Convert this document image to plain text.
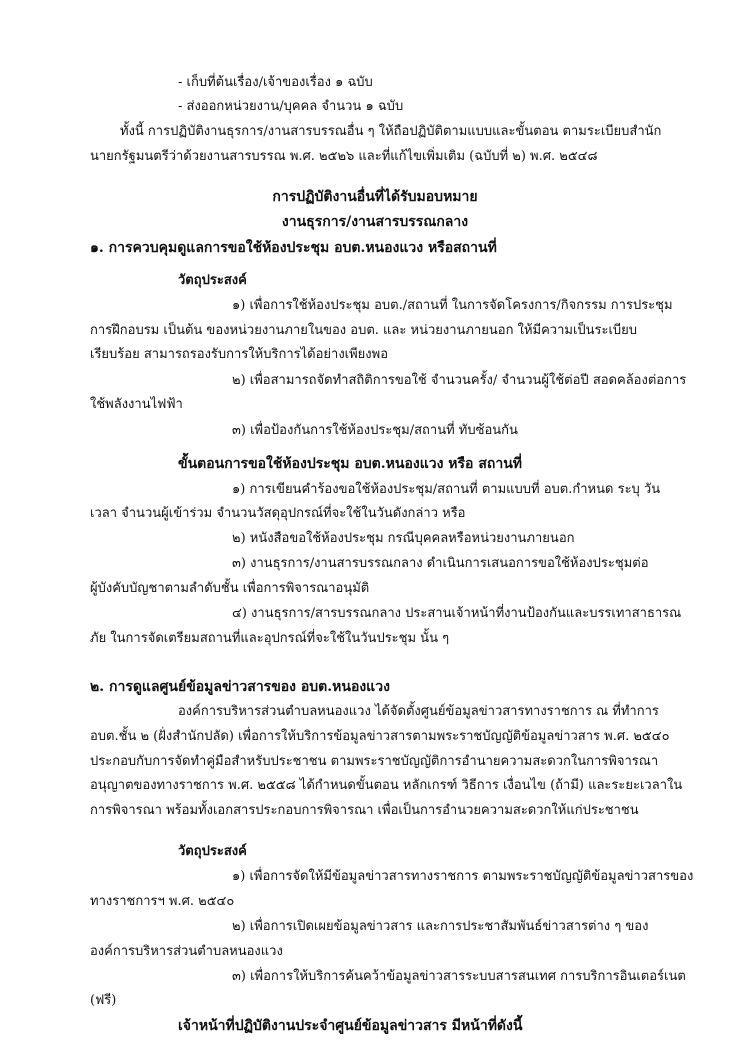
- เก็บที่ต้นเรื่อง/เจ้าของเรื่อง ๑ ฉบับ
- ส่งออกหน่วยงาน/บุคคล จำนวน ๑ ฉบับ
ทั้งนี้ การปฏิบัติงานธุรการ/งานสารบรรณอื่น ๆ ให้ถือปฏิบัติตามแบบและขั้นตอน ตามระเบียบสำนัก
นายกรัฐมนตรีว่าด้วยงานสารบรรณ พ.ศ. ๒๕๒๖ และที่แก้ไขเพิ่มเติม (ฉบับที่ ๒) พ.ศ. ๒๕๔๘
การปฏิบัติงานอื่นที่ได้รับมอบหมาย
งานธุรการ/งานสารบรรณกลาง
๑. การควบคุมดูแลการขอใช้ห้องประชุม อบต.หนองแวง หรือสถานที่
วัตถุประสงค์
๑) เพื่อการใช้ห้องประชุม อบต./สถานที่ ในการจัดโครงการ/กิจกรรม การประชุม
การฝึกอบรม เป็นต้น ของหน่วยงานภายในของ อบต. และ หน่วยงานภายนอก ให้มีความเป็นระเบียบ
เรียบร้อย สามารถรองรับการให้บริการได้อย่างเพียงพอ
๒) เพื่อสามารถจัดทำสถิติการขอใช้ จำนวนครั้ง/ จำนวนผู้ใช้ต่อปี สอดคล้องต่อการ
ใช้พลังงานไฟฟ้า
๓) เพื่อป้องกันการใช้ห้องประชุม/สถานที่ ทับซ้อนกัน
ขั้นตอนการขอใช้ห้องประชุม อบต.หนองแวง หรือ สถานที่
๑) การเขียนคำร้องขอใช้ห้องประชุม/สถานที่ ตามแบบที่ อบต.กำหนด ระบุ วัน
เวลา จำนวนผู้เข้าร่วม จำนวนวัสดุอุปกรณ์ที่จะใช้ในวันดังกล่าว หรือ
๒) หนังสือขอใช้ห้องประชุม กรณีบุคคลหรือหน่วยงานภายนอก
๓) งานธุรการ/งานสารบรรณกลาง ดำเนินการเสนอการขอใช้ห้องประชุมต่อ
ผู้บังคับบัญชาตามลำดับชั้น เพื่อการพิจารณาอนุมัติ
๔) งานธุรการ/สารบรรณกลาง ประสานเจ้าหน้าที่งานป้องกันและบรรเทาสาธารณ
ภัย ในการจัดเตรียมสถานที่และอุปกรณ์ที่จะใช้ในวันประชุม นั้น ๆ
๒. การดูแลศูนย์ข้อมูลข่าวสารของ อบต.หนองแวง
องค์การบริหารส่วนตำบลหนองแวง ได้จัดตั้งศูนย์ข้อมูลข่าวสารทางราชการ ณ ที่ทำการ
อบต.ชั้น ๒ (ฝั่งสำนักปลัด) เพื่อการให้บริการข้อมูลข่าวสารตามพระราชบัญญัติข้อมูลข่าวสาร พ.ศ. ๒๕๔๐
ประกอบกับการจัดทำคู่มือสำหรับประชาชน ตามพระราชบัญญัติการอำนายความสะดวกในการพิจารณา
อนุญาตของทางราชการ พ.ศ. ๒๕๕๘ ได้กำหนดขั้นตอน หลักเกรฑ์ วิธีการ เงื่อนไข (ถ้ามี) และระยะเวลาใน
การพิจารณา พร้อมทั้งเอกสารประกอบการพิจารณา เพื่อเป็นการอำนวยความสะดวกให้แก่ประชาชน
วัตถุประสงค์
๑) เพื่อการจัดให้มีข้อมูลข่าวสารทางราชการ ตามพระราชบัญญัติข้อมูลข่าวสารของ
ทางราชการฯ พ.ศ. ๒๕๔๐
๒) เพื่อการเปิดเผยข้อมูลข่าวสาร และการประชาสัมพันธ์ข่าวสารต่าง ๆ ของ
องค์การบริหารส่วนตำบลหนองแวง
๓) เพื่อการให้บริการค้นคว้าข้อมูลข่าวสารระบบสารสนเทศ การบริการอินเตอร์เนต
(ฟรี)
เจ้าหน้าที่ปฏิบัติงานประจำศูนย์ข้อมูลข่าวสาร มีหน้าที่ดังนี้
